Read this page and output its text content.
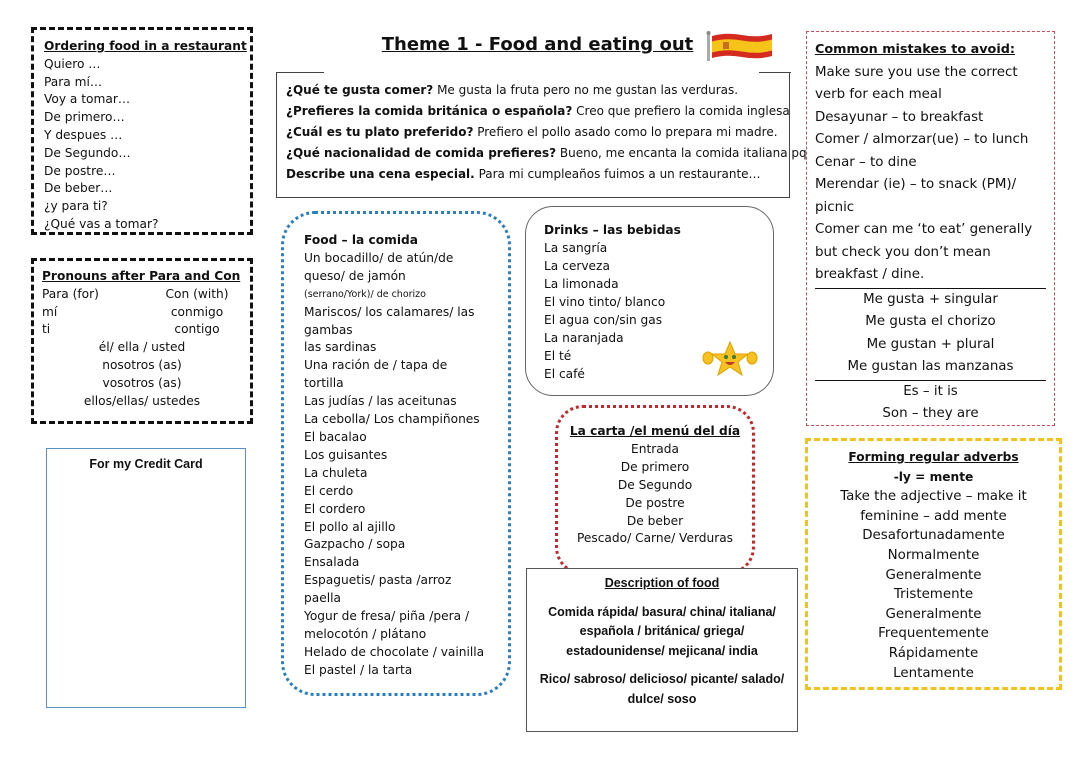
Ordering food in a restaurant
Quiero …
Para mí…
Voy a tomar…
De primero…
Y despues …
De Segundo…
De postre…
De beber…
¿y para ti?
¿Qué vas a tomar?
Pronouns after Para and Con
Para (for)	Con (with)
mí	conmigo
ti	contigo
él/ ella / usted
nosotros (as)
vosotros (as)
ellos/ellas/ ustedes
For my Credit Card
Theme 1 - Food and eating out
¿Qué te gusta comer? Me gusta la fruta pero no me gustan las verduras.
¿Prefieres la comida británica o española? Creo que prefiero la comida inglesa
¿Cuál es tu plato preferido? Prefiero el pollo asado como lo prepara mi madre.
¿Qué nacionalidad de comida prefieres? Bueno, me encanta la comida italiana pq
Describe una cena especial. Para mi cumpleaños fuimos a un restaurante…
Food – la comida
Un bocadillo/ de atún/de
queso/ de jamón
(serrano/York)/ de chorizo
Mariscos/ los calamares/ las
gambas
las sardinas
Una ración de / tapa de
tortilla
Las judías / las aceitunas
La cebolla/ Los champiñones
El bacalao
Los guisantes
La chuleta
El cerdo
El cordero
El pollo al ajillo
Gazpacho / sopa
Ensalada
Espaguetis/ pasta /arroz
paella
Yogur de fresa/ piña /pera /
melocotón / plátano
Helado de chocolate / vainilla
El pastel / la tarta
Drinks – las bebidas
La sangría
La cerveza
La limonada
El vino tinto/ blanco
El agua con/sin gas
La naranjada
El té
El café
La carta /el menú del día
Entrada
De primero
De Segundo
De postre
De beber
Pescado/ Carne/ Verduras
Description of food
Comida rápida/ basura/ china/ italiana/
española / británica/ griega/
estadounidense/ mejicana/ india
Rico/ sabroso/ delicioso/ picante/ salado/
dulce/ soso
Common mistakes to avoid:
Make sure you use the correct
verb for each meal
Desayunar – to breakfast
Comer / almorzar(ue) – to lunch
Cenar – to dine
Merendar (ie) – to snack (PM)/
picnic
Comer can me ‘to eat’ generally
but check you don’t mean
breakfast / dine.
Me gusta + singular
Me gusta el chorizo
Me gustan + plural
Me gustan las manzanas
Es – it is
Son – they are
Forming regular adverbs
-ly = mente
Take the adjective – make it
feminine – add mente
Desafortunadamente
Normalmente
Generalmente
Tristemente
Generalmente
Frequentemente
Rápidamente
Lentamente
